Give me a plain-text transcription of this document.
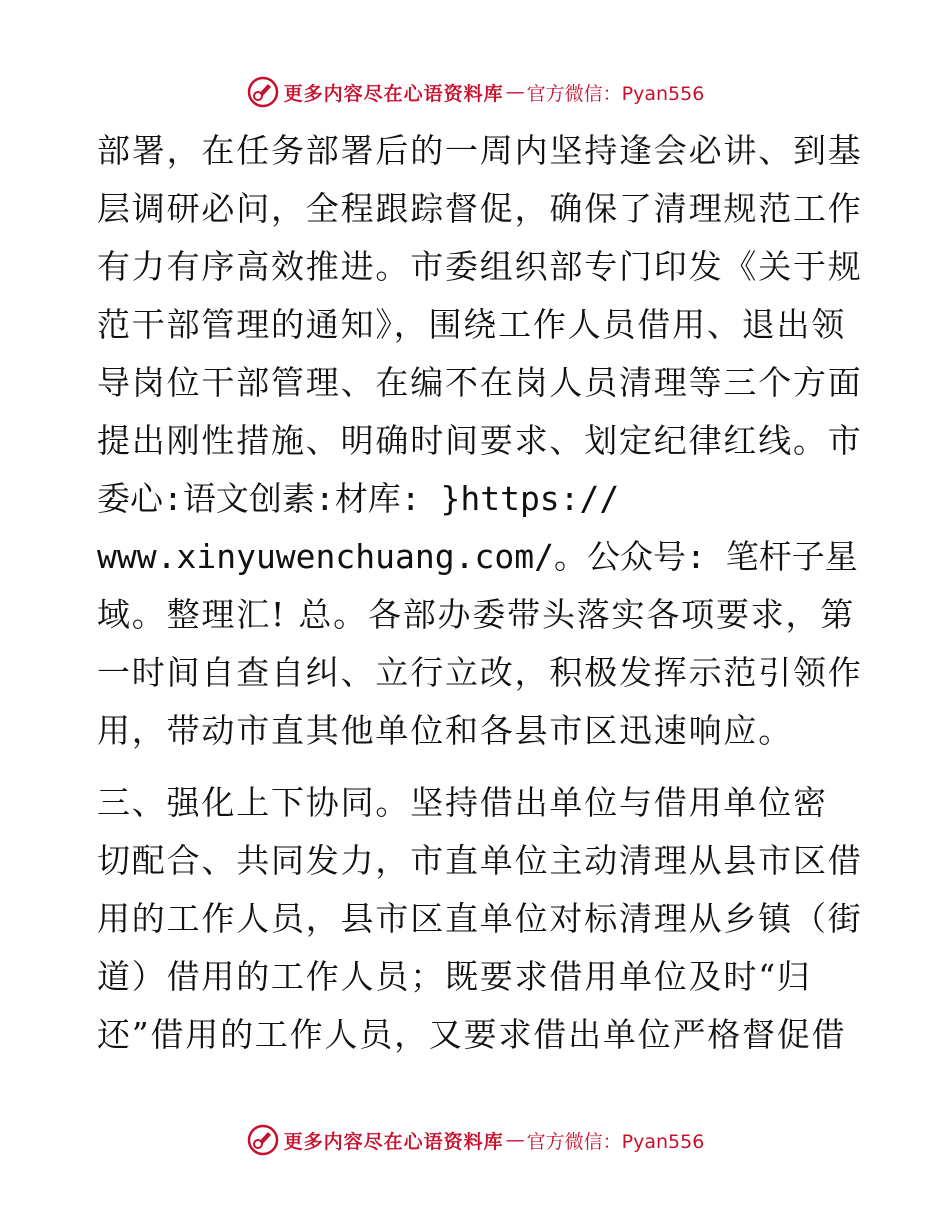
更多内容尽在心语资料库 — 官方微信：Pyan556
部署，在任务部署后的一周内坚持逢会必讲、到基
层调研必问，全程跟踪督促，确保了清理规范工作
有力有序高效推进。市委组织部专门印发《关于规
范干部管理的通知》，围绕工作人员借用、退出领
导岗位干部管理、在编不在岗人员清理等三个方面
提出刚性措施、明确时间要求、划定纪律红线。市
委心:语文创素:材库: }https://
www.xinyuwenchuang.com/。公众号: 笔杆子星
域。整理汇! 总。各部办委带头落实各项要求，第
一时间自查自纠、立行立改，积极发挥示范引领作
用，带动市直其他单位和各县市区迅速响应。
三、强化上下协同。坚持借出单位与借用单位密
切配合、共同发力，市直单位主动清理从县市区借
用的工作人员，县市区直单位对标清理从乡镇（街
道）借用的工作人员；既要求借用单位及时“归
还”借用的工作人员，又要求借出单位严格督促借
更多内容尽在心语资料库 — 官方微信：Pyan556
